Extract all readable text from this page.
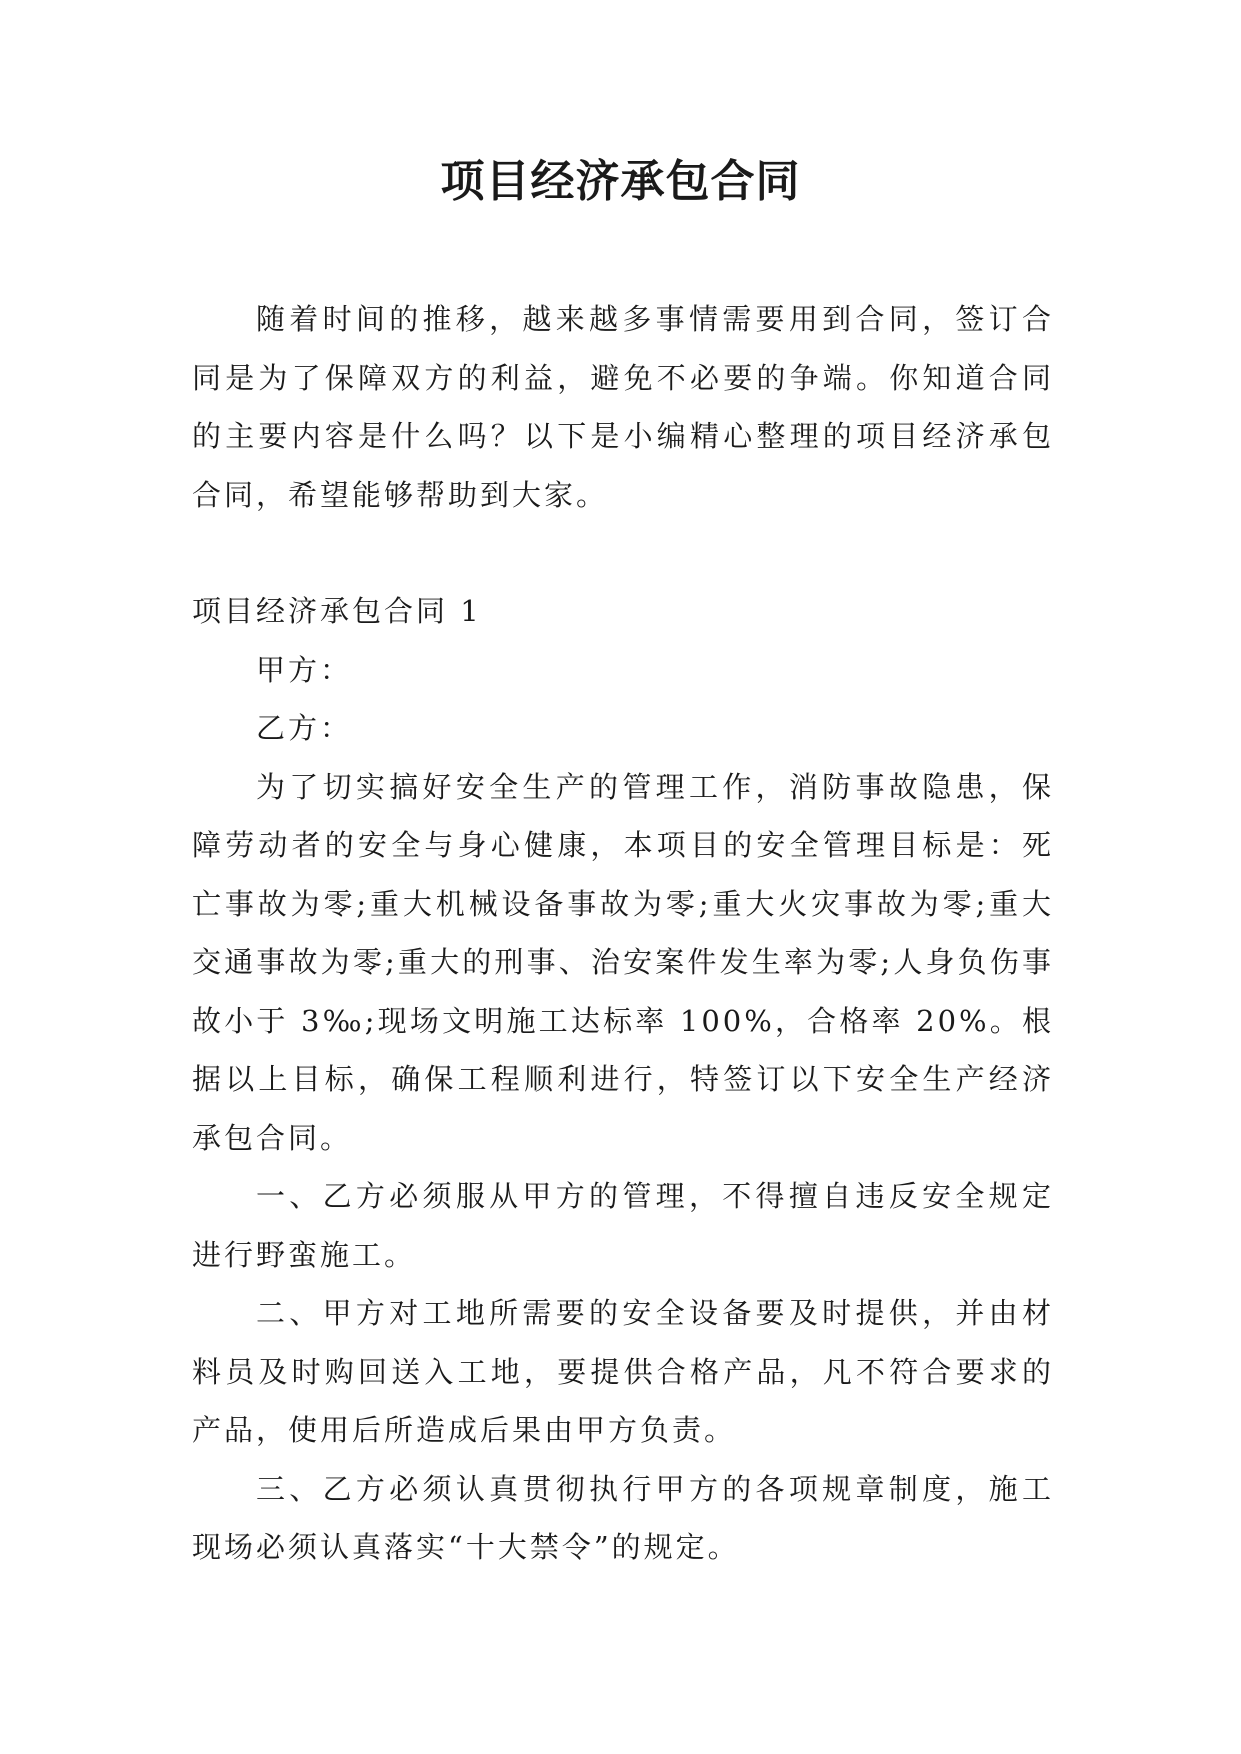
项目经济承包合同

随着时间的推移，越来越多事情需要用到合同，签订合同是为了保障双方的利益，避免不必要的争端。你知道合同的主要内容是什么吗？以下是小编精心整理的项目经济承包合同，希望能够帮助到大家。

项目经济承包合同 1

甲方：

乙方：

为了切实搞好安全生产的管理工作，消防事故隐患，保障劳动者的安全与身心健康，本项目的安全管理目标是：死亡事故为零;重大机械设备事故为零;重大火灾事故为零;重大交通事故为零;重大的刑事、治安案件发生率为零;人身负伤事故小于 3‰;现场文明施工达标率 100%，合格率 20%。根据以上目标，确保工程顺利进行，特签订以下安全生产经济承包合同。

一、乙方必须服从甲方的管理，不得擅自违反安全规定进行野蛮施工。

二、甲方对工地所需要的安全设备要及时提供，并由材料员及时购回送入工地，要提供合格产品，凡不符合要求的产品，使用后所造成后果由甲方负责。

三、乙方必须认真贯彻执行甲方的各项规章制度，施工现场必须认真落实“十大禁令”的规定。
